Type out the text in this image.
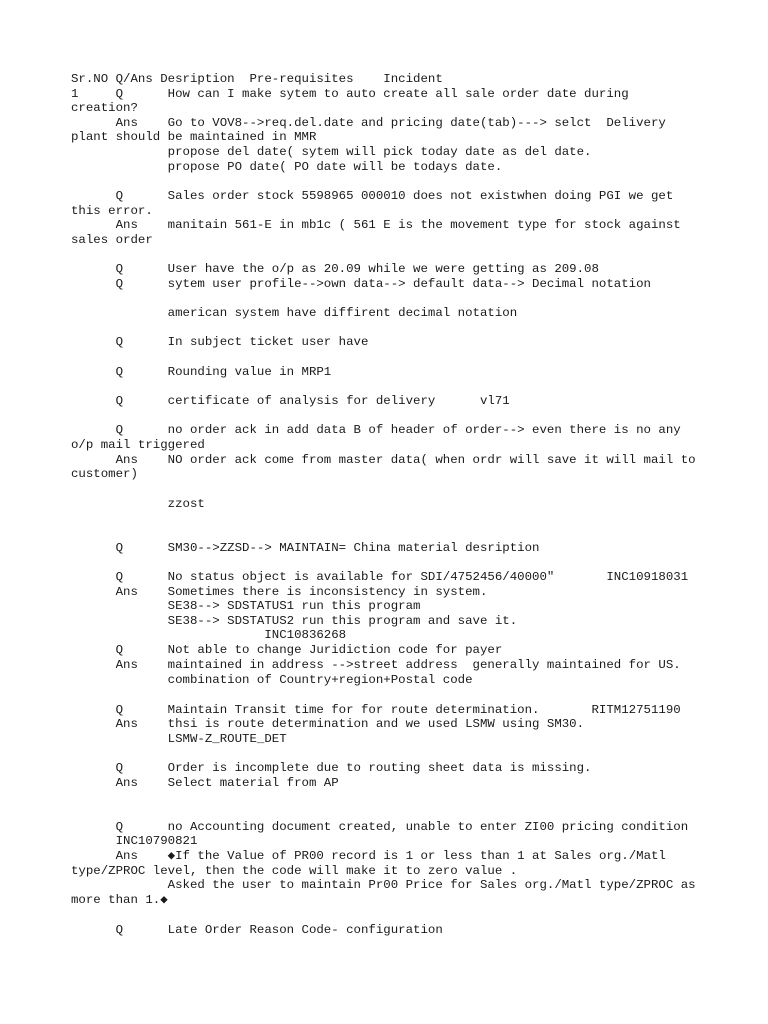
Sr.NO Q/Ans Desription  Pre-requisites    Incident
1     Q      How can I make sytem to auto create all sale order date during
creation?
Ans    Go to VOV8-->req.del.date and pricing date(tab)---> selct  Delivery
plant should be maintained in MMR
propose del date( sytem will pick today date as del date.
propose PO date( PO date will be todays date.
Q      Sales order stock 5598965 000010 does not existwhen doing PGI we get
this error.
Ans    manitain 561-E in mb1c ( 561 E is the movement type for stock against
sales order
Q      User have the o/p as 20.09 while we were getting as 209.08
Q      sytem user profile-->own data--> default data--> Decimal notation
american system have diffirent decimal notation
Q      In subject ticket user have
Q      Rounding value in MRP1
Q      certificate of analysis for delivery      vl71
Q      no order ack in add data B of header of order--> even there is no any
o/p mail triggered
Ans    NO order ack come from master data( when ordr will save it will mail to
customer)
zzost
Q      SM30-->ZZSD--> MAINTAIN= China material desription
Q      No status object is available for SDI/4752456/40000"       INC10918031
Ans    Sometimes there is inconsistency in system.
SE38--> SDSTATUS1 run this program
SE38--> SDSTATUS2 run this program and save it.
INC10836268
Q      Not able to change Juridiction code for payer
Ans    maintained in address -->street address  generally maintained for US.
combination of Country+region+Postal code
Q      Maintain Transit time for for route determination.       RITM12751190
Ans    thsi is route determination and we used LSMW using SM30.
LSMW-Z_ROUTE_DET
Q      Order is incomplete due to routing sheet data is missing.
Ans    Select material from AP
Q      no Accounting document created, unable to enter ZI00 pricing condition
INC10790821
Ans    ◆If the Value of PR00 record is 1 or less than 1 at Sales org./Matl
type/ZPROC level, then the code will make it to zero value .
Asked the user to maintain Pr00 Price for Sales org./Matl type/ZPROC as
more than 1.◆
Q      Late Order Reason Code- configuration
